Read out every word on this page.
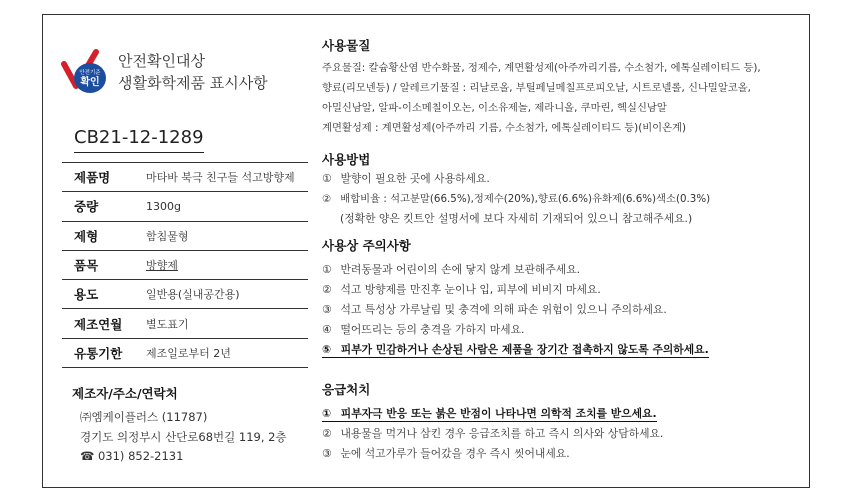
안전기준
확인
안전확인대상
생활화학제품 표시사항
CB21-12-1289
제품명	마타바 북극 친구들 석고방향제
중량	1300g
제형	함침물형
품목	방향제
용도	일반용(실내공간용)
제조연월	별도표기
유통기한	제조일로부터 2년
제조자/주소/연락처
㈜엠케이플러스 (11787)
경기도 의정부시 산단로68번길 119, 2층
☎ 031) 852-2131
사용물질
주요물질: 칼슘황산염 반수화물, 정제수, 계면활성제(아주까리기름, 수소첨가, 에톡실레이티드 등),
향료(리모넨등) / 알레르기물질 : 리날로올, 부틸페닐메칠프로피오날, 시트로넬롤, 신나밀알코올,
아밀신남알, 알파-이소메칠이오논, 이소유제놀, 제라니올, 쿠마린, 헥실신남알
계면활성제 : 계면활성제(아주까리 기름, 수소첨가, 에톡실레이티드 등)(비이온계)
사용방법
① 발향이 필요한 곳에 사용하세요.
② 배합비율 : 석고분말(66.5%),정제수(20%),향료(6.6%)유화제(6.6%)색소(0.3%)
(정확한 양은 킷트안 설명서에 보다 자세히 기재되어 있으니 참고해주세요.)
사용상 주의사항
① 반려동물과 어린이의 손에 닿지 않게 보관해주세요.
② 석고 방향제를 만진후 눈이나 입, 피부에 비비지 마세요.
③ 석고 특성상 가루날림 및 충격에 의해 파손 위험이 있으니 주의하세요.
④ 떨어뜨리는 등의 충격을 가하지 마세요.
⑤ 피부가 민감하거나 손상된 사람은 제품을 장기간 접촉하지 않도록 주의하세요.
응급처치
① 피부자극 반응 또는 붉은 반점이 나타나면 의학적 조치를 받으세요.
② 내용물을 먹거나 삼킨 경우 응급조치를 하고 즉시 의사와 상담하세요.
③ 눈에 석고가루가 들어갔을 경우 즉시 씻어내세요.
